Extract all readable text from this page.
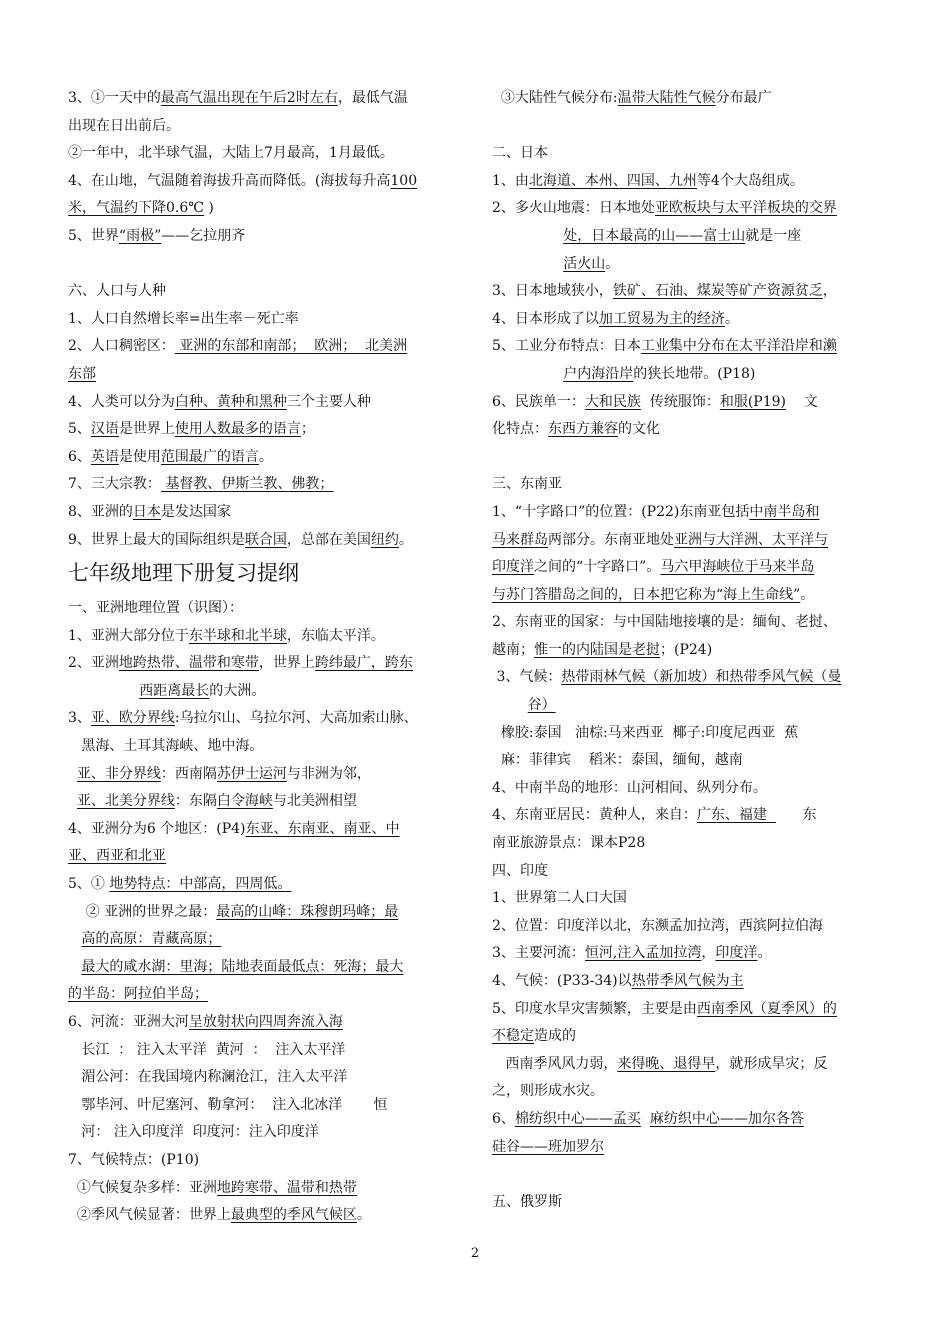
3、①一天中的最高气温出现在午后2时左右，最低气温
出现在日出前后。
②一年中，北半球气温，大陆上7月最高，1月最低。
4、在山地，气温随着海拔升高而降低。(海拔每升高100
米，气温约下降0.6℃ )
5、世界“雨极”——乞拉朋齐
六、人口与人种
1、人口自然增长率=出生率－死亡率
2、人口稠密区： 亚洲的东部和南部；  欧洲；  北美洲
东部
4、人类可以分为白种、黄种和黑种三个主要人种
5、汉语是世界上使用人数最多的语言；
6、英语是使用范围最广的语言。
7、三大宗教： 基督教、伊斯兰教、佛教；
8、亚洲的日本是发达国家
9、世界上最大的国际组织是联合国，总部在美国纽约。
七年级地理下册复习提纲
一、亚洲地理位置（识图）：
1、亚洲大部分位于东半球和北半球，东临太平洋。
2、亚洲地跨热带、温带和寒带，世界上跨纬最广，跨东
西距离最长的大洲。
3、亚、欧分界线:乌拉尔山、乌拉尔河、大高加索山脉、
黑海、土耳其海峡、地中海。
亚、非分界线：西南隔苏伊士运河与非洲为邻，
亚、北美分界线：东隔白令海峡与北美洲相望
4、亚洲分为6 个地区：(P4)东亚、东南亚、南亚、中
亚、西亚和北亚
5、① 地势特点：中部高，四周低。
② 亚洲的世界之最：最高的山峰：珠穆朗玛峰；最
高的高原：青藏高原；
最大的咸水湖：里海；陆地表面最低点：死海；最大
的半岛：阿拉伯半岛；
6、河流：亚洲大河呈放射状向四周奔流入海
长江  ： 注入太平洋  黄河  ：  注入太平洋
湄公河：在我国境内称澜沧江，注入太平洋
鄂毕河、叶尼塞河、勒拿河：  注入北冰洋       恒
河： 注入印度洋  印度河：注入印度洋
7、气候特点：(P10)
①气候复杂多样：亚洲地跨寒带、温带和热带
②季风气候显著：世界上最典型的季风气候区。
③大陆性气候分布:温带大陆性气候分布最广
二、日本
1、由北海道、本州、四国、九州等4个大岛组成。
2、多火山地震：日本地处亚欧板块与太平洋板块的交界
处，日本最高的山——富士山就是一座
活火山。
3、日本地域狭小，铁矿、石油、煤炭等矿产资源贫乏，
4、日本形成了以加工贸易为主的经济。
5、工业分布特点：日本工业集中分布在太平洋沿岸和濑
户内海沿岸的狭长地带。(P18)
6、民族单一：大和民族  传统服饰：和服(P19)    文
化特点：东西方兼容的文化
三、东南亚
1、“十字路口”的位置：(P22)东南亚包括中南半岛和
马来群岛两部分。东南亚地处亚洲与大洋洲、太平洋与
印度洋之间的“十字路口”。马六甲海峡位于马来半岛
与苏门答腊岛之间的，日本把它称为“海上生命线”。
2、东南亚的国家：与中国陆地接壤的是：缅甸、老挝、
越南；惟一的内陆国是老挝；(P24)
3、气候：热带雨林气候（新加坡）和热带季风气候（曼
谷）
橡胶:泰国   油棕:马来西亚  椰子:印度尼西亚  蕉
麻：菲律宾    稻米：泰国，缅甸，越南
4、中南半岛的地形：山河相间、纵列分布。
4、东南亚居民：黄种人，来自：广东、福建        东
南亚旅游景点：课本P28
四、印度
1、世界第二人口大国
2、位置：印度洋以北，东濒孟加拉湾，西滨阿拉伯海
3、主要河流：恒河,注入孟加拉湾，印度洋。
4、气候：(P33-34)以热带季风气候为主
5、印度水旱灾害频繁，主要是由西南季风（夏季风）的
不稳定造成的
西南季风风力弱，来得晚、退得早，就形成旱灾；反
之，则形成水灾。
6、棉纺织中心——孟买 麻纺织中心——加尔各答
硅谷——班加罗尔
五、俄罗斯
2
